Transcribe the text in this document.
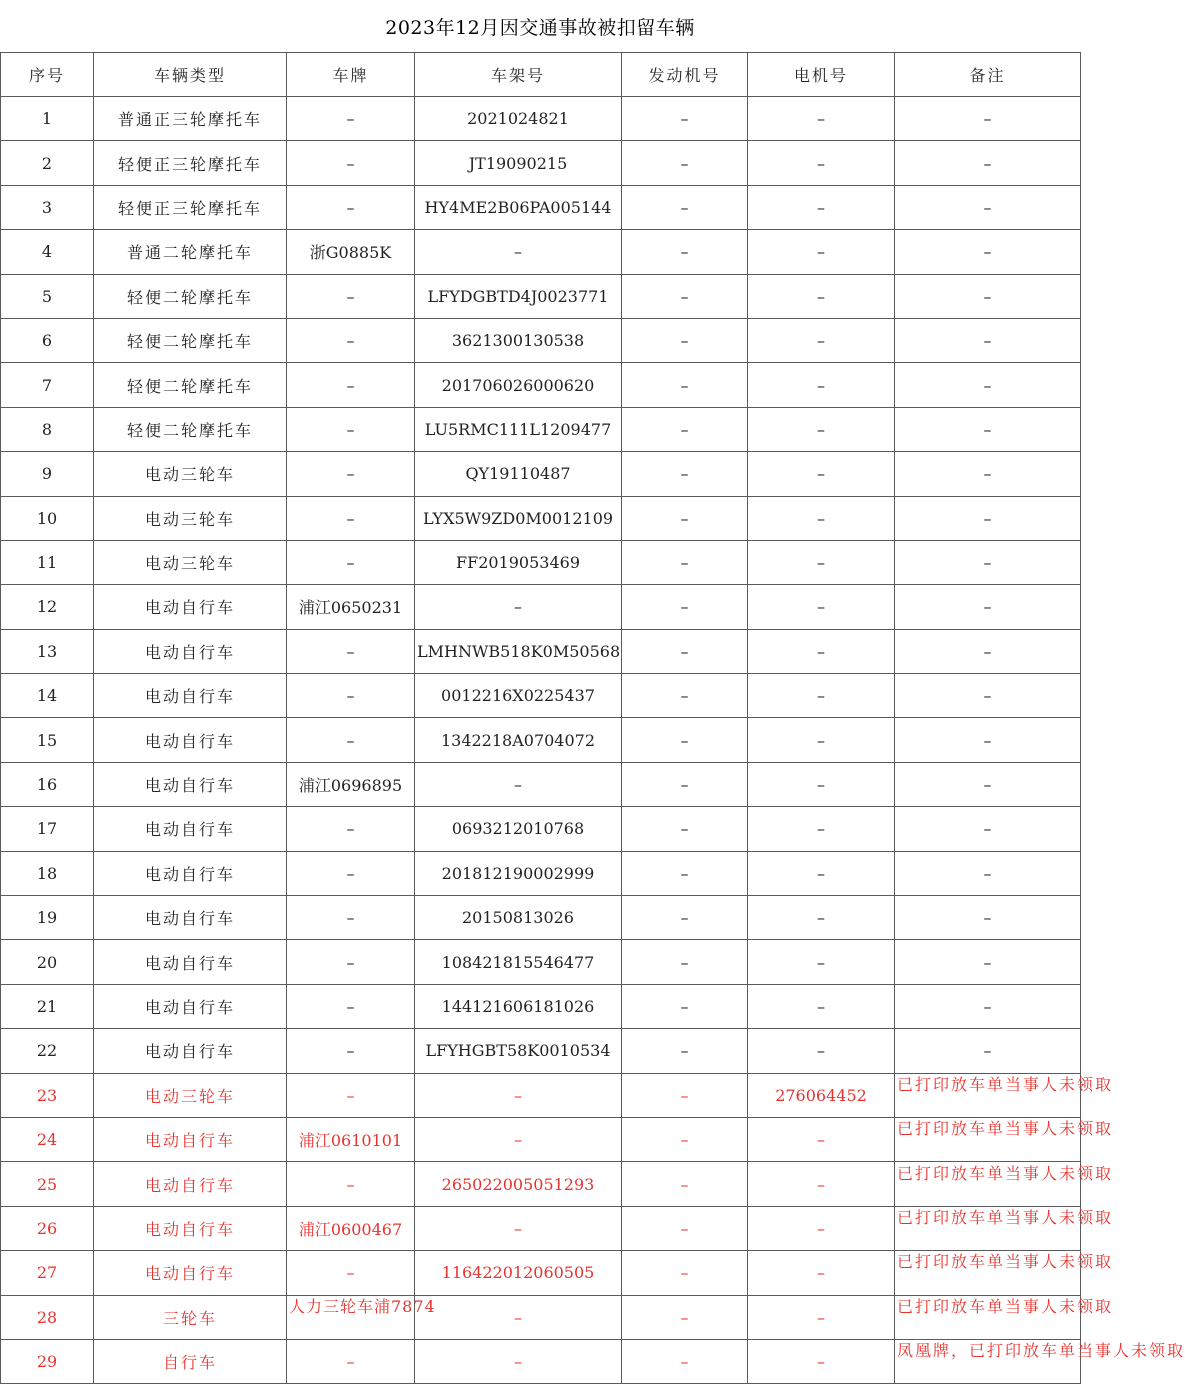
2023年12月因交通事故被扣留车辆
序号	车辆类型	车牌	车架号	发动机号	电机号	备注
1	普通正三轮摩托车	–	2021024821	–	–	–
2	轻便正三轮摩托车	–	JT19090215	–	–	–
3	轻便正三轮摩托车	–	HY4ME2B06PA005144	–	–	–
4	普通二轮摩托车	浙G0885K	–	–	–	–
5	轻便二轮摩托车	–	LFYDGBTD4J0023771	–	–	–
6	轻便二轮摩托车	–	3621300130538	–	–	–
7	轻便二轮摩托车	–	201706026000620	–	–	–
8	轻便二轮摩托车	–	LU5RMC111L1209477	–	–	–
9	电动三轮车	–	QY19110487	–	–	–
10	电动三轮车	–	LYX5W9ZD0M0012109	–	–	–
11	电动三轮车	–	FF2019053469	–	–	–
12	电动自行车	浦江0650231	–	–	–	–
13	电动自行车	–	LMHNWB518K0M50568	–	–	–
14	电动自行车	–	0012216X0225437	–	–	–
15	电动自行车	–	1342218A0704072	–	–	–
16	电动自行车	浦江0696895	–	–	–	–
17	电动自行车	–	0693212010768	–	–	–
18	电动自行车	–	201812190002999	–	–	–
19	电动自行车	–	20150813026	–	–	–
20	电动自行车	–	108421815546477	–	–	–
21	电动自行车	–	144121606181026	–	–	–
22	电动自行车	–	LFYHGBT58K0010534	–	–	–
23	电动三轮车	–	–	–	276064452	已打印放车单当事人未领取

24	电动自行车	浦江0610101	–	–	–	已打印放车单当事人未领取

25	电动自行车	–	265022005051293	–	–	已打印放车单当事人未领取

26	电动自行车	浦江0600467	–	–	–	已打印放车单当事人未领取

27	电动自行车	–	116422012060505	–	–	已打印放车单当事人未领取

28	三轮车	人力三轮车浦7874	–	–	–	已打印放车单当事人未领取

29	自行车	–	–	–	–	凤凰牌，已打印放车单当事人未领取
